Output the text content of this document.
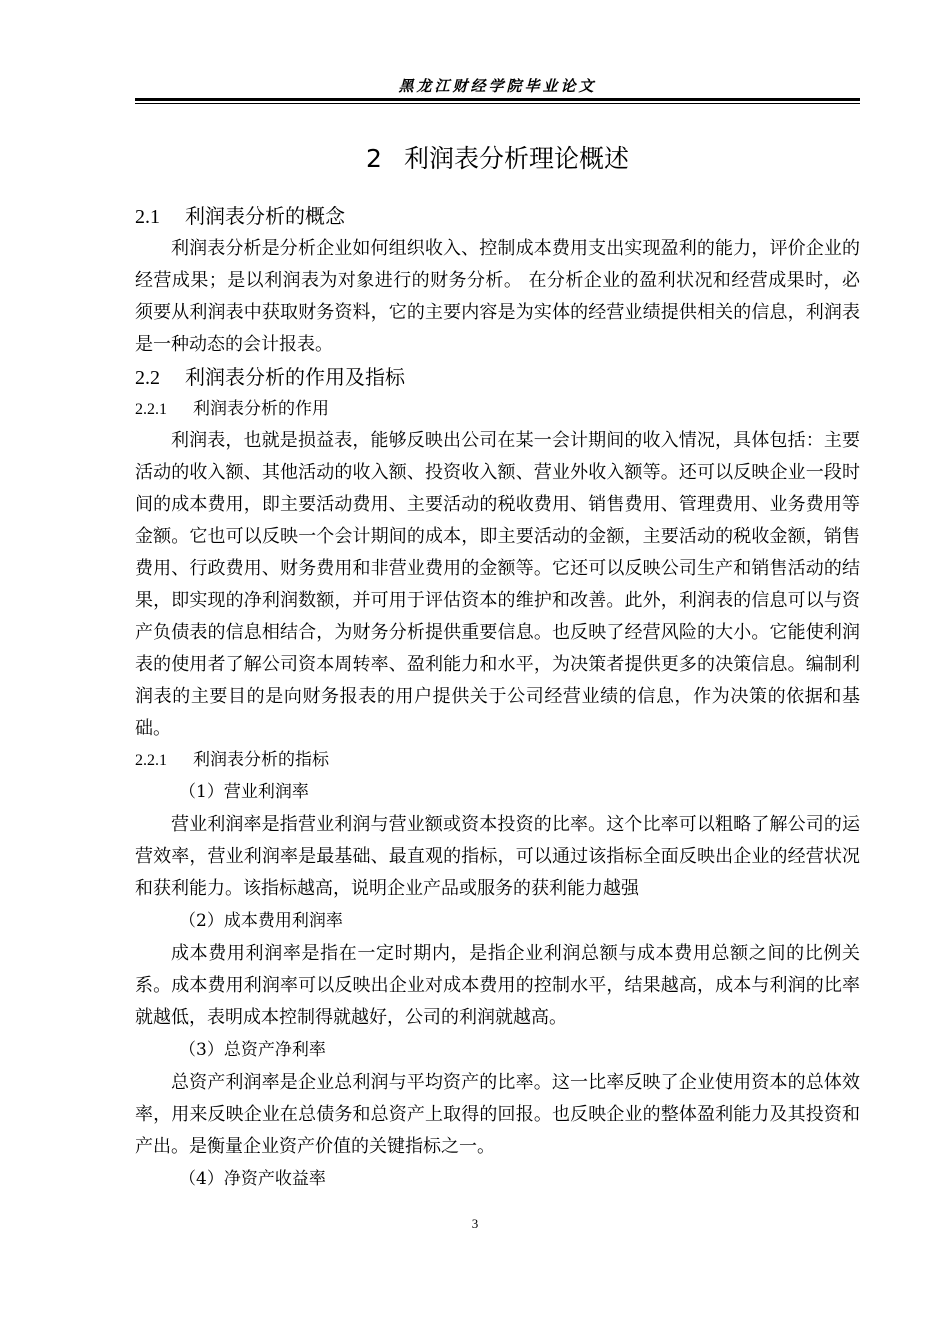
黑龙江财经学院毕业论文
2 利润表分析理论概述
2.1 利润表分析的概念

利润表分析是分析企业如何组织收入、控制成本费用支出实现盈利的能力，评价企业的经营成果；是以利润表为对象进行的财务分析。 在分析企业的盈利状况和经营成果时，必须要从利润表中获取财务资料，它的主要内容是为实体的经营业绩提供相关的信息，利润表是一种动态的会计报表。

2.2 利润表分析的作用及指标
2.2.1 利润表分析的作用

利润表，也就是损益表，能够反映出公司在某一会计期间的收入情况，具体包括：主要活动的收入额、其他活动的收入额、投资收入额、营业外收入额等。还可以反映企业一段时间的成本费用，即主要活动费用、主要活动的税收费用、销售费用、管理费用、业务费用等金额。它也可以反映一个会计期间的成本，即主要活动的金额，主要活动的税收金额，销售费用、行政费用、财务费用和非营业费用的金额等。它还可以反映公司生产和销售活动的结果，即实现的净利润数额，并可用于评估资本的维护和改善。此外，利润表的信息可以与资产负债表的信息相结合，为财务分析提供重要信息。也反映了经营风险的大小。它能使利润表的使用者了解公司资本周转率、盈利能力和水平，为决策者提供更多的决策信息。编制利润表的主要目的是向财务报表的用户提供关于公司经营业绩的信息，作为决策的依据和基础。

2.2.1 利润表分析的指标
（1）营业利润率

营业利润率是指营业利润与营业额或资本投资的比率。这个比率可以粗略了解公司的运营效率，营业利润率是最基础、最直观的指标，可以通过该指标全面反映出企业的经营状况和获利能力。该指标越高，说明企业产品或服务的获利能力越强

（2）成本费用利润率

成本费用利润率是指在一定时期内，是指企业利润总额与成本费用总额之间的比例关系。成本费用利润率可以反映出企业对成本费用的控制水平，结果越高，成本与利润的比率就越低，表明成本控制得就越好，公司的利润就越高。

（3）总资产净利率

总资产利润率是企业总利润与平均资产的比率。这一比率反映了企业使用资本的总体效率，用来反映企业在总债务和总资产上取得的回报。也反映企业的整体盈利能力及其投资和产出。是衡量企业资产价值的关键指标之一。

（4）净资产收益率
3
